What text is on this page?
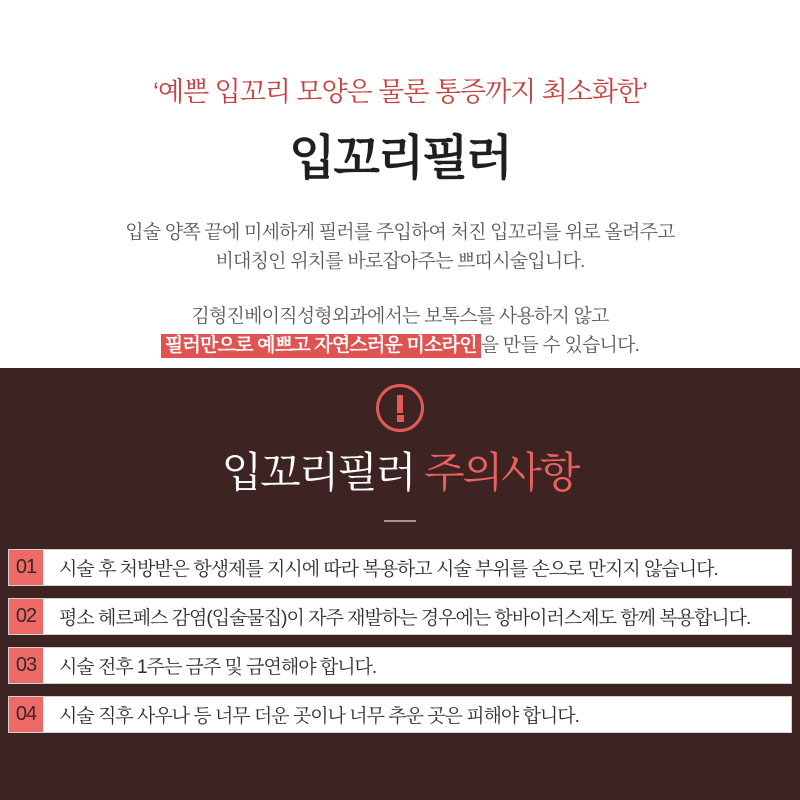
‘예쁜 입꼬리 모양은 물론 통증까지 최소화한’
입꼬리필러
입술 양쪽 끝에 미세하게 필러를 주입하여 처진 입꼬리를 위로 올려주고
비대칭인 위치를 바로잡아주는 쁘띠시술입니다.
김형진베이직성형외과에서는 보톡스를 사용하지 않고
필러만으로 예쁘고 자연스러운 미소라인 을 만들 수 있습니다.
입꼬리필러 주의사항
01	시술 후 처방받은 항생제를 지시에 따라 복용하고 시술 부위를 손으로 만지지 않습니다.
02	평소 헤르페스 감염(입술물집)이 자주 재발하는 경우에는 항바이러스제도 함께 복용합니다.
03	시술 전후 1주는 금주 및 금연해야 합니다.
04	시술 직후 사우나 등 너무 더운 곳이나 너무 추운 곳은 피해야 합니다.
